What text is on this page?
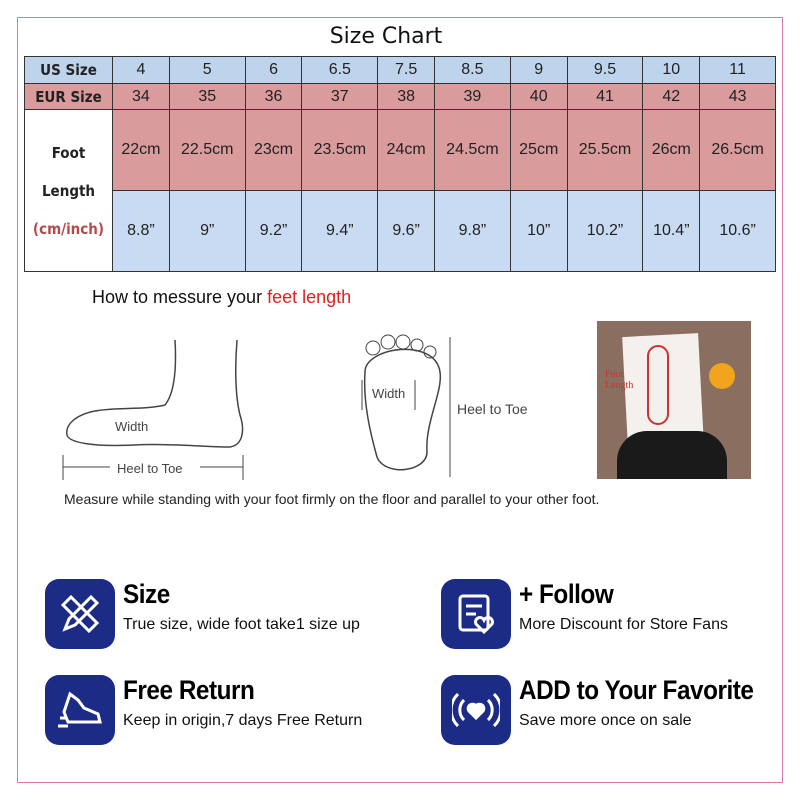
Size Chart
US Size	4	5	6	6.5	7.5	8.5	9	9.5	10	11
EUR Size	34	35	36	37	38	39	40	41	42	43

Foot
Length
(cm/inch)	22cm	22.5cm	23cm	23.5cm	24cm	24.5cm	25cm	25.5cm	26cm	26.5cm
	8.8”	9”	9.2”	9.4”	9.6”	9.8”	10”	10.2”	10.4”	10.6”
How to messure your feet length
Width
Heel to Toe
Width
Heel to Toe
Foot
Length
Measure while standing with your foot firmly on the floor and parallel to your other foot.
Size
True size, wide foot take1 size up
+ Follow
More Discount for Store Fans
Free Return
Keep in origin,7 days Free Return
ADD to Your Favorite
Save more once on sale
